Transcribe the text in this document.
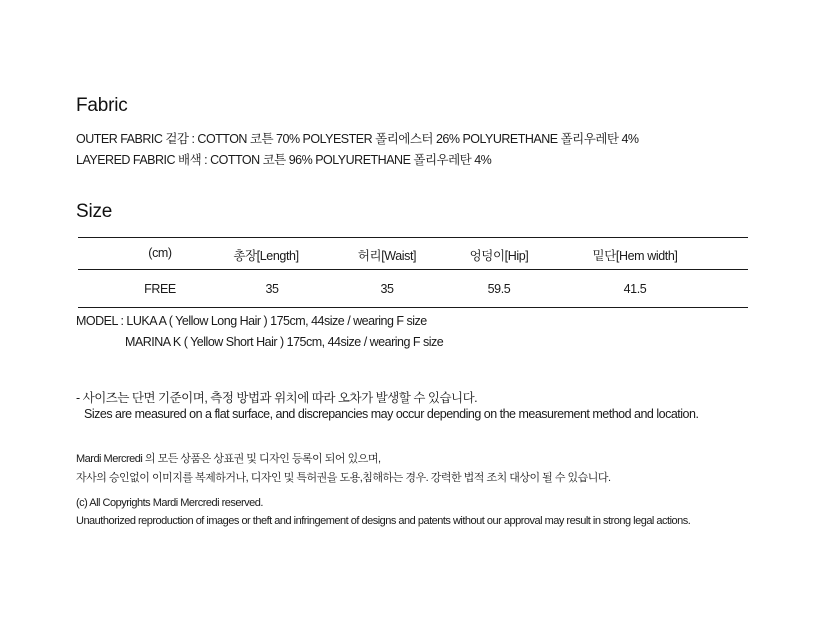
Fabric
OUTER FABRIC 겉감 : COTTON 코튼 70% POLYESTER 폴리에스터 26% POLYURETHANE 폴리우레탄 4%
LAYERED FABRIC 배색 : COTTON 코튼 96% POLYURETHANE 폴리우레탄 4%
Size
(cm)	총장[Length]	허리[Waist]	엉덩이[Hip]	밑단[Hem width]
FREE	35	35	59.5	41.5
MODEL : LUKA A ( Yellow Long Hair ) 175cm, 44size / wearing F size
MARINA K ( Yellow Short Hair ) 175cm, 44size / wearing F size
- 사이즈는 단면 기준이며, 측정 방법과 위치에 따라 오차가 발생할 수 있습니다.
Sizes are measured on a flat surface, and discrepancies may occur depending on the measurement method and location.
Mardi Mercredi 의 모든 상품은 상표권 및 디자인 등록이 되어 있으며,
자사의 승인없이 이미지를 복제하거나, 디자인 및 특허권을 도용,침해하는 경우. 강력한 법적 조치 대상이 될 수 있습니다.
(c) All Copyrights Mardi Mercredi reserved.
Unauthorized reproduction of images or theft and infringement of designs and patents without our approval may result in strong legal actions.
